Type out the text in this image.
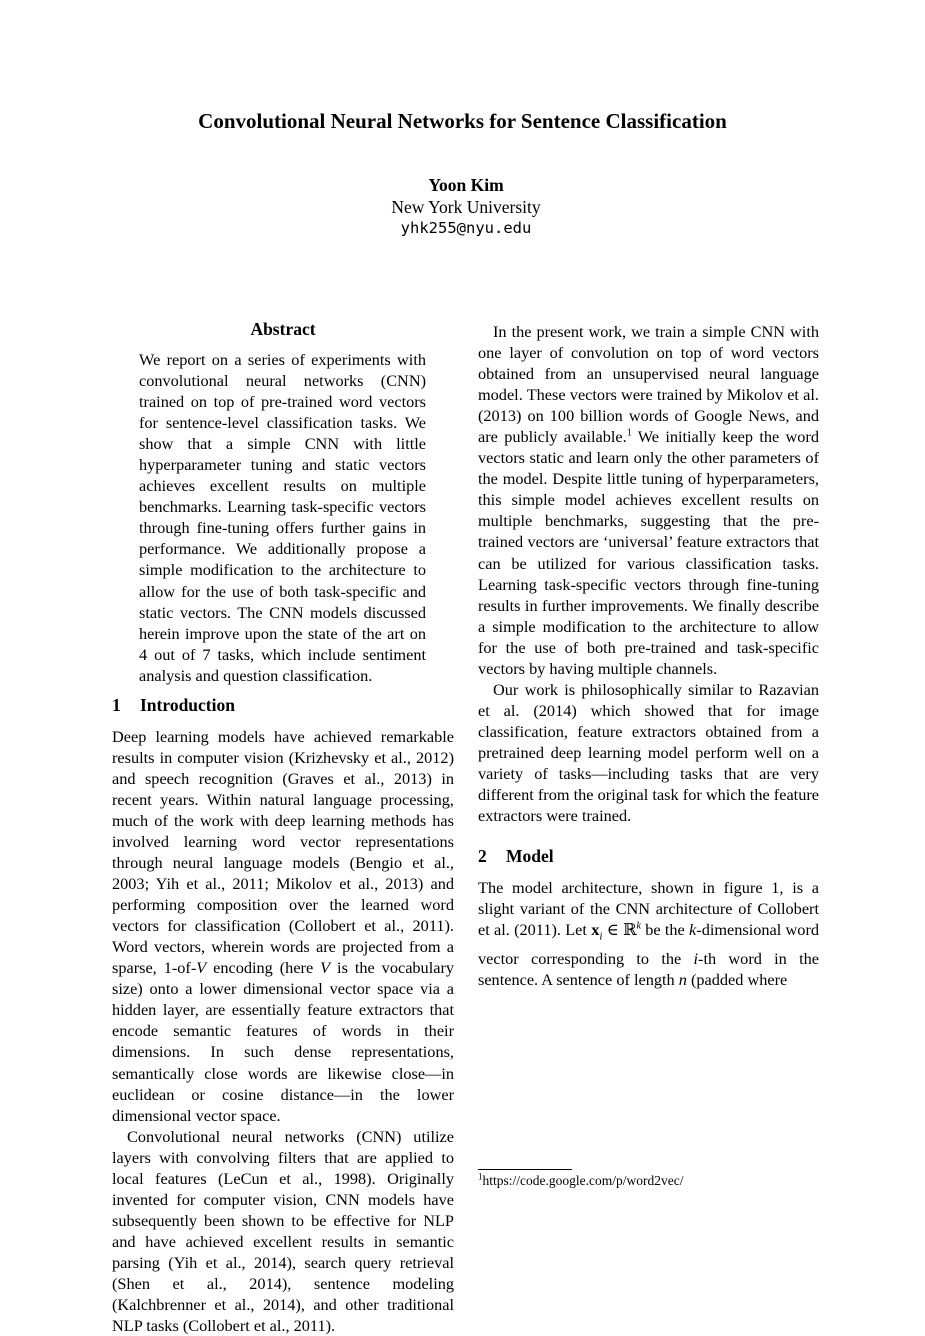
Convolutional Neural Networks for Sentence Classification
Yoon Kim
New York University
yhk255@nyu.edu
Abstract
We report on a series of experiments with convolutional neural networks (CNN) trained on top of pre-trained word vectors for sentence-level classification tasks. We show that a simple CNN with little hyperparameter tuning and static vectors achieves excellent results on multiple benchmarks. Learning task-specific vectors through fine-tuning offers further gains in performance. We additionally propose a simple modification to the architecture to allow for the use of both task-specific and static vectors. The CNN models discussed herein improve upon the state of the art on 4 out of 7 tasks, which include sentiment analysis and question classification.
1 Introduction

Deep learning models have achieved remarkable results in computer vision (Krizhevsky et al., 2012) and speech recognition (Graves et al., 2013) in recent years. Within natural language processing, much of the work with deep learning methods has involved learning word vector representations through neural language models (Bengio et al., 2003; Yih et al., 2011; Mikolov et al., 2013) and performing composition over the learned word vectors for classification (Collobert et al., 2011). Word vectors, wherein words are projected from a sparse, 1-of-V encoding (here V is the vocabulary size) onto a lower dimensional vector space via a hidden layer, are essentially feature extractors that encode semantic features of words in their dimensions. In such dense representations, semantically close words are likewise close—in euclidean or cosine distance—in the lower dimensional vector space.

Convolutional neural networks (CNN) utilize layers with convolving filters that are applied to local features (LeCun et al., 1998). Originally invented for computer vision, CNN models have subsequently been shown to be effective for NLP and have achieved excellent results in semantic parsing (Yih et al., 2014), search query retrieval (Shen et al., 2014), sentence modeling (Kalchbrenner et al., 2014), and other traditional NLP tasks (Collobert et al., 2011).

In the present work, we train a simple CNN with one layer of convolution on top of word vectors obtained from an unsupervised neural language model. These vectors were trained by Mikolov et al. (2013) on 100 billion words of Google News, and are publicly available.$^1$ We initially keep the word vectors static and learn only the other parameters of the model. Despite little tuning of hyperparameters, this simple model achieves excellent results on multiple benchmarks, suggesting that the pre-trained vectors are ‘universal’ feature extractors that can be utilized for various classification tasks. Learning task-specific vectors through fine-tuning results in further improvements. We finally describe a simple modification to the architecture to allow for the use of both pre-trained and task-specific vectors by having multiple channels.

Our work is philosophically similar to Razavian et al. (2014) which showed that for image classification, feature extractors obtained from a pretrained deep learning model perform well on a variety of tasks—including tasks that are very different from the original task for which the feature extractors were trained.

2 Model

The model architecture, shown in figure 1, is a slight variant of the CNN architecture of Collobert et al. (2011). Let $x_i$ ∈ ℝ$^k$ be the k-dimensional word vector corresponding to the i-th word in the sentence. A sentence of length n (padded where

$^1$https://code.google.com/p/word2vec/
